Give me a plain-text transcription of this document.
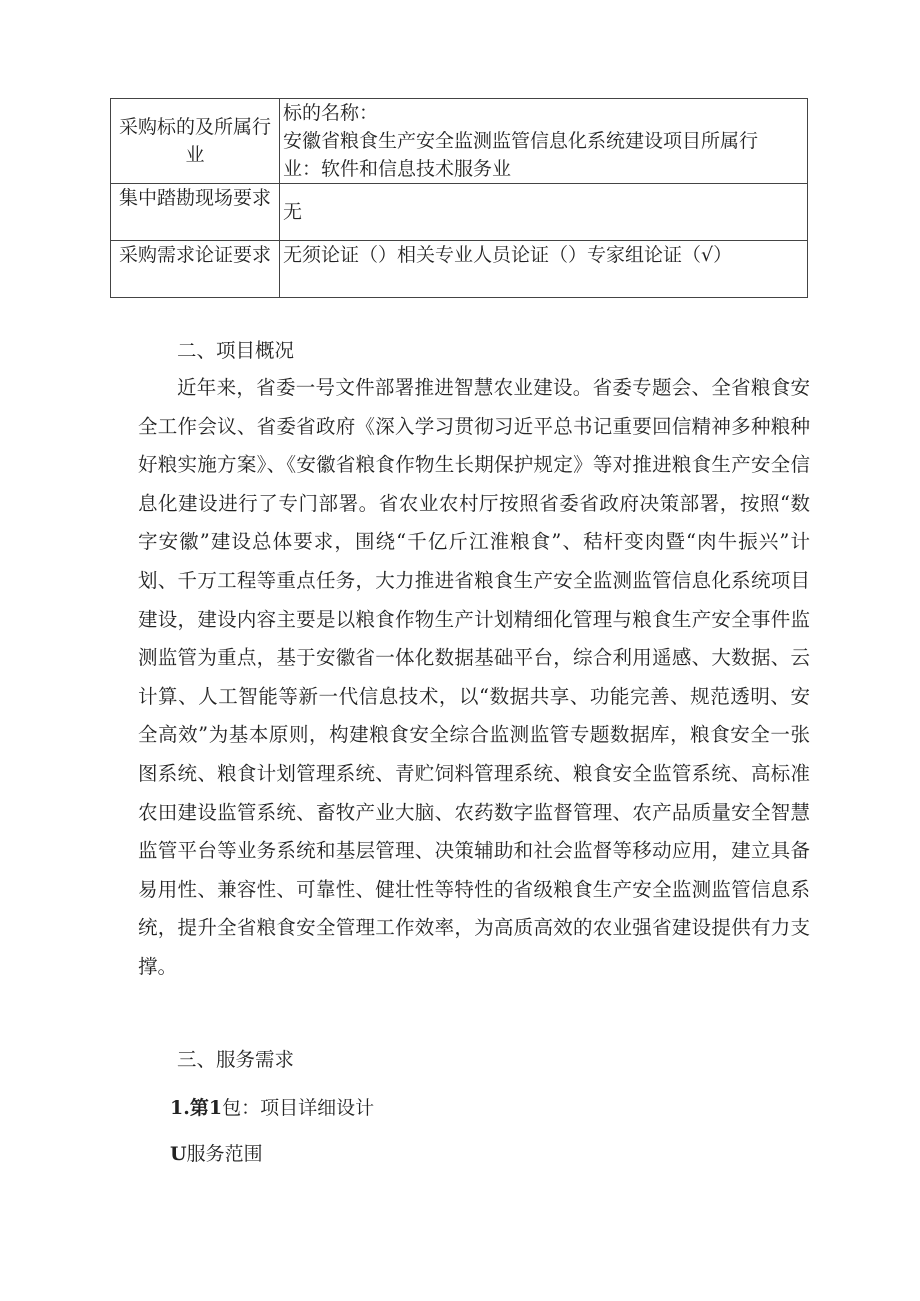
采购标的及所属行业	标的名称：
安徽省粮食生产安全监测监管信息化系统建设项目所属行
业：软件和信息技术服务业

集中踏勘现场要求	无

采购需求论证要求	无须论证（）相关专业人员论证（）专家组论证（√）

二、项目概况

近年来，省委一号文件部署推进智慧农业建设。省委专题会、全省粮食安全工作会议、省委省政府《深入学习贯彻习近平总书记重要回信精神多种粮种好粮实施方案》、《安徽省粮食作物生长期保护规定》等对推进粮食生产安全信息化建设进行了专门部署。省农业农村厅按照省委省政府决策部署，按照“数字安徽”建设总体要求，围绕“千亿斤江淮粮食”、秸杆变肉暨“肉牛振兴”计划、千万工程等重点任务，大力推进省粮食生产安全监测监管信息化系统项目建设，建设内容主要是以粮食作物生产计划精细化管理与粮食生产安全事件监测监管为重点，基于安徽省一体化数据基础平台，综合利用遥感、大数据、云计算、人工智能等新一代信息技术，以“数据共享、功能完善、规范透明、安全高效”为基本原则，构建粮食安全综合监测监管专题数据库，粮食安全一张图系统、粮食计划管理系统、青贮饲料管理系统、粮食安全监管系统、高标准农田建设监管系统、畜牧产业大脑、农药数字监督管理、农产品质量安全智慧监管平台等业务系统和基层管理、决策辅助和社会监督等移动应用，建立具备易用性、兼容性、可靠性、健壮性等特性的省级粮食生产安全监测监管信息系统，提升全省粮食安全管理工作效率，为高质高效的农业强省建设提供有力支撑。

三、服务需求

1.第1包：项目详细设计

U服务范围
